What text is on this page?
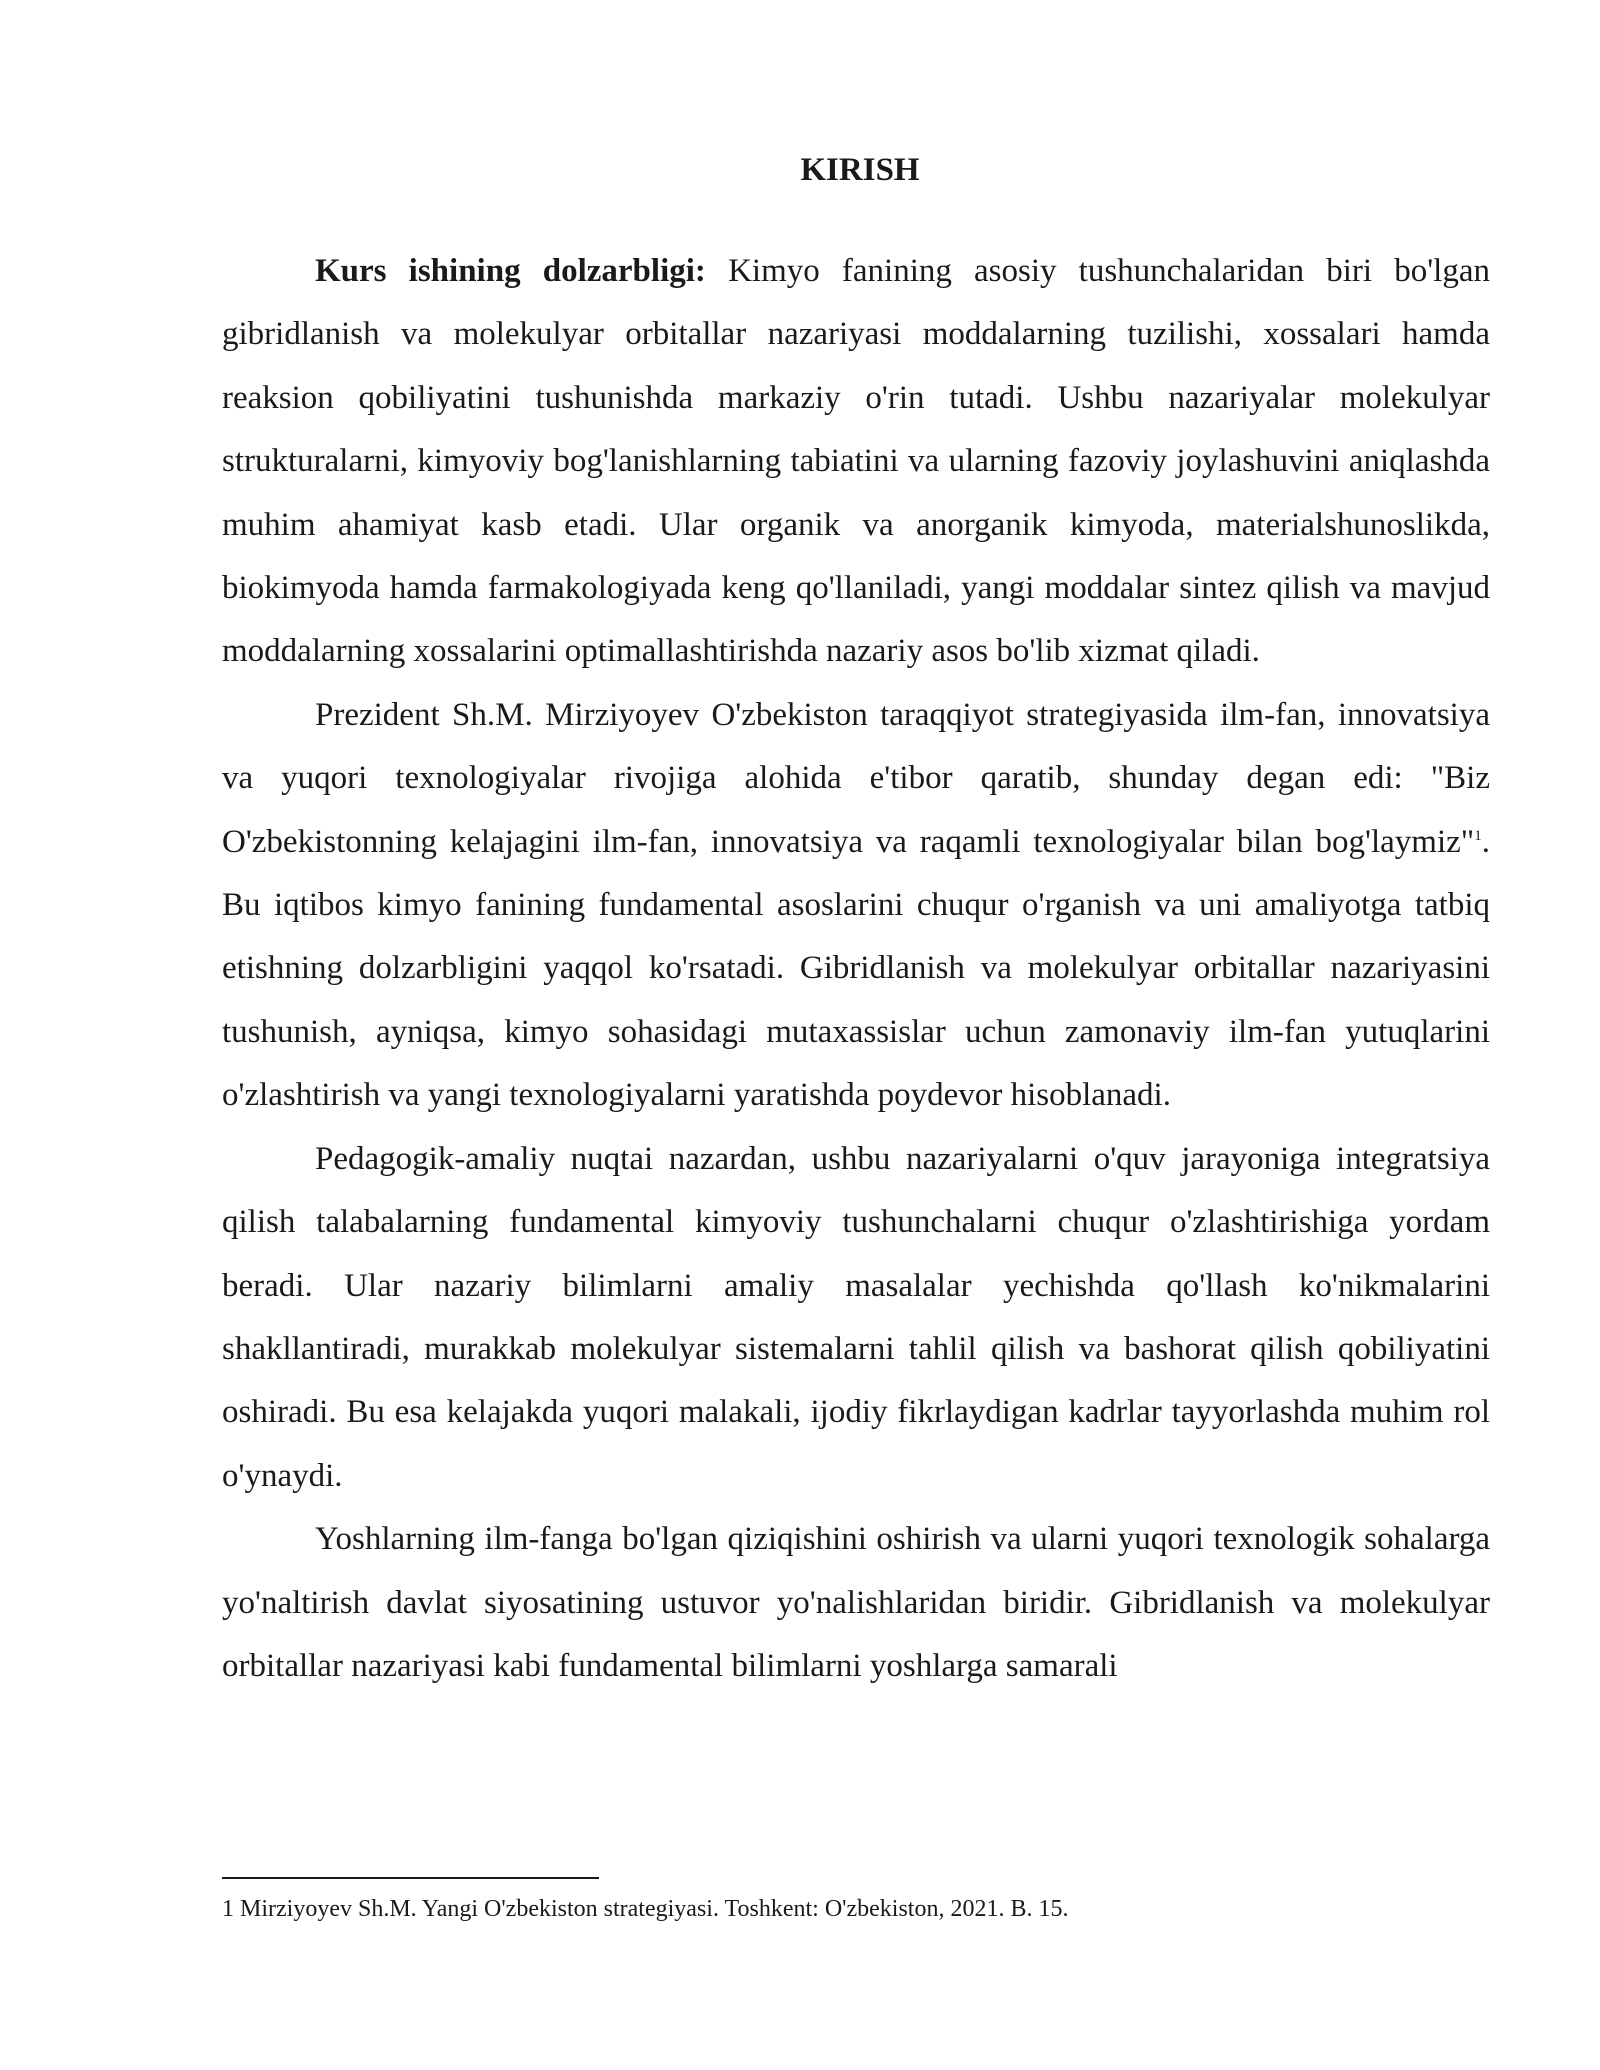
KIRISH

Kurs ishining dolzarbligi: Kimyo fanining asosiy tushunchalaridan biri bo'lgan gibridlanish va molekulyar orbitallar nazariyasi moddalarning tuzilishi, xossalari hamda reaksion qobiliyatini tushunishda markaziy o'rin tutadi. Ushbu nazariyalar molekulyar strukturalarni, kimyoviy bog'lanishlarning tabiatini va ularning fazoviy joylashuvini aniqlashda muhim ahamiyat kasb etadi. Ular organik va anorganik kimyoda, materialshunoslikda, biokimyoda hamda farmakologiyada keng qo'llaniladi, yangi moddalar sintez qilish va mavjud moddalarning xossalarini optimallashtirishda nazariy asos bo'lib xizmat qiladi.

Prezident Sh.M. Mirziyoyev O'zbekiston taraqqiyot strategiyasida ilm-fan, innovatsiya va yuqori texnologiyalar rivojiga alohida e'tibor qaratib, shunday degan edi: "Biz O'zbekistonning kelajagini ilm-fan, innovatsiya va raqamli texnologiyalar bilan bog'laymiz"$^1$. Bu iqtibos kimyo fanining fundamental asoslarini chuqur o'rganish va uni amaliyotga tatbiq etishning dolzarbligini yaqqol ko'rsatadi. Gibridlanish va molekulyar orbitallar nazariyasini tushunish, ayniqsa, kimyo sohasidagi mutaxassislar uchun zamonaviy ilm-fan yutuqlarini o'zlashtirish va yangi texnologiyalarni yaratishda poydevor hisoblanadi.

Pedagogik-amaliy nuqtai nazardan, ushbu nazariyalarni o'quv jarayoniga integratsiya qilish talabalarning fundamental kimyoviy tushunchalarni chuqur o'zlashtirishiga yordam beradi. Ular nazariy bilimlarni amaliy masalalar yechishda qo'llash ko'nikmalarini shakllantiradi, murakkab molekulyar sistemalarni tahlil qilish va bashorat qilish qobiliyatini oshiradi. Bu esa kelajakda yuqori malakali, ijodiy fikrlaydigan kadrlar tayyorlashda muhim rol o'ynaydi.

Yoshlarning ilm-fanga bo'lgan qiziqishini oshirish va ularni yuqori texnologik sohalarga yo'naltirish davlat siyosatining ustuvor yo'nalishlaridan biridir. Gibridlanish va molekulyar orbitallar nazariyasi kabi fundamental bilimlarni yoshlarga samarali

1 Mirziyoyev Sh.M. Yangi O'zbekiston strategiyasi. Toshkent: O'zbekiston, 2021. B. 15.
